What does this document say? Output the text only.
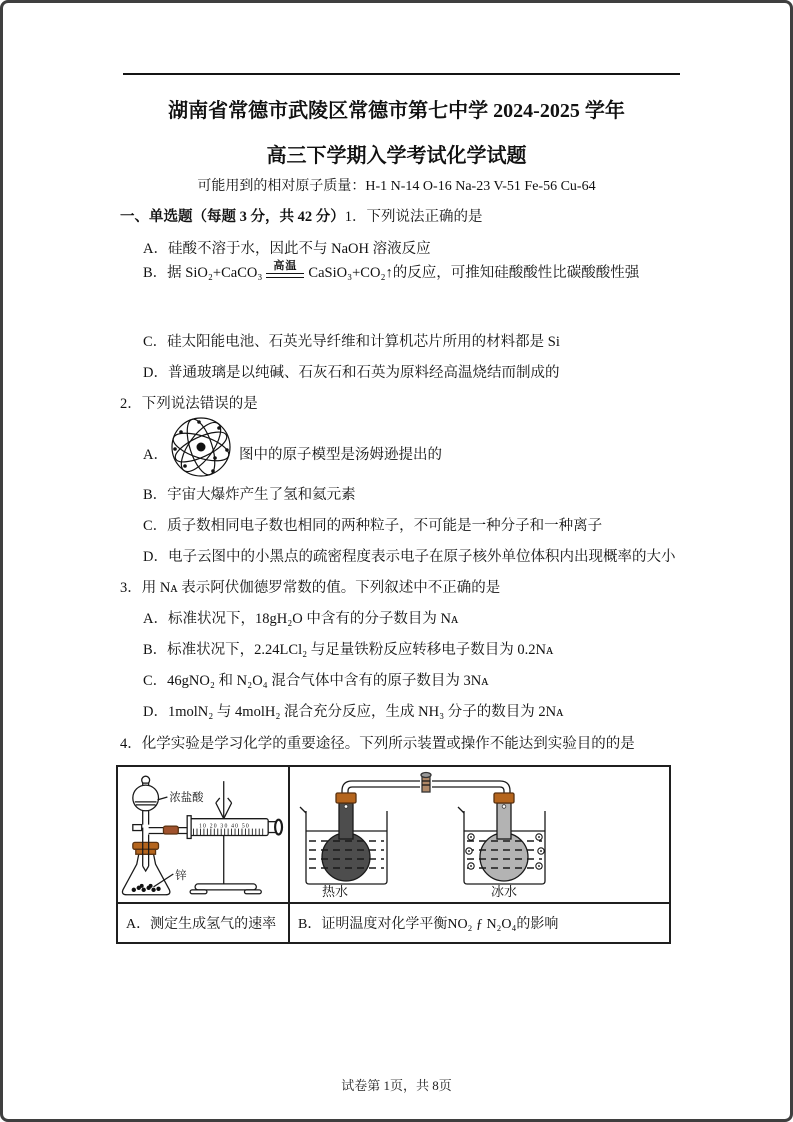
湖南省常德市武陵区常德市第七中学 2024-2025 学年
高三下学期入学考试化学试题
可能用到的相对原子质量：H-1 N-14 O-16 Na-23 V-51 Fe-56 Cu-64
一、单选题（每题 3 分，共 42 分）1．下列说法正确的是
A．硅酸不溶于水，因此不与 NaOH 溶液反应
B．据 SiO₂+CaCO₃ 高温 CaSiO₃+CO₂↑的反应，可推知硅酸酸性比碳酸酸性强
C．硅太阳能电池、石英光导纤维和计算机芯片所用的材料都是 Si
D．普通玻璃是以纯碱、石灰石和石英为原料经高温烧结而制成的
2．下列说法错误的是
A．	图中的原子模型是汤姆逊提出的
B．宇宙大爆炸产生了氢和氦元素
C．质子数相同电子数也相同的两种粒子，不可能是一种分子和一种离子
D．电子云图中的小黑点的疏密程度表示电子在原子核外单位体积内出现概率的大小
3．用 Nᴀ 表示阿伏伽德罗常数的值。下列叙述中不正确的是
A．标准状况下，18gH₂O 中含有的分子数目为 Nᴀ
B．标准状况下，2.24LCl₂ 与足量铁粉反应转移电子数目为 0.2Nᴀ
C．46gNO₂ 和 N₂O₄ 混合气体中含有的原子数目为 3Nᴀ
D．1molN₂ 与 4molH₂ 混合充分反应，生成 NH₃ 分子的数目为 2Nᴀ
4．化学实验是学习化学的重要途径。下列所示装置或操作不能达到实验目的的是
10 20 30 40 50
浓盐酸
锌
热水	冰水
A．测定生成氢气的速率 B．证明温度对化学平衡NO₂ ƒ N₂O₄的影响
试卷第 1页，共 8页
